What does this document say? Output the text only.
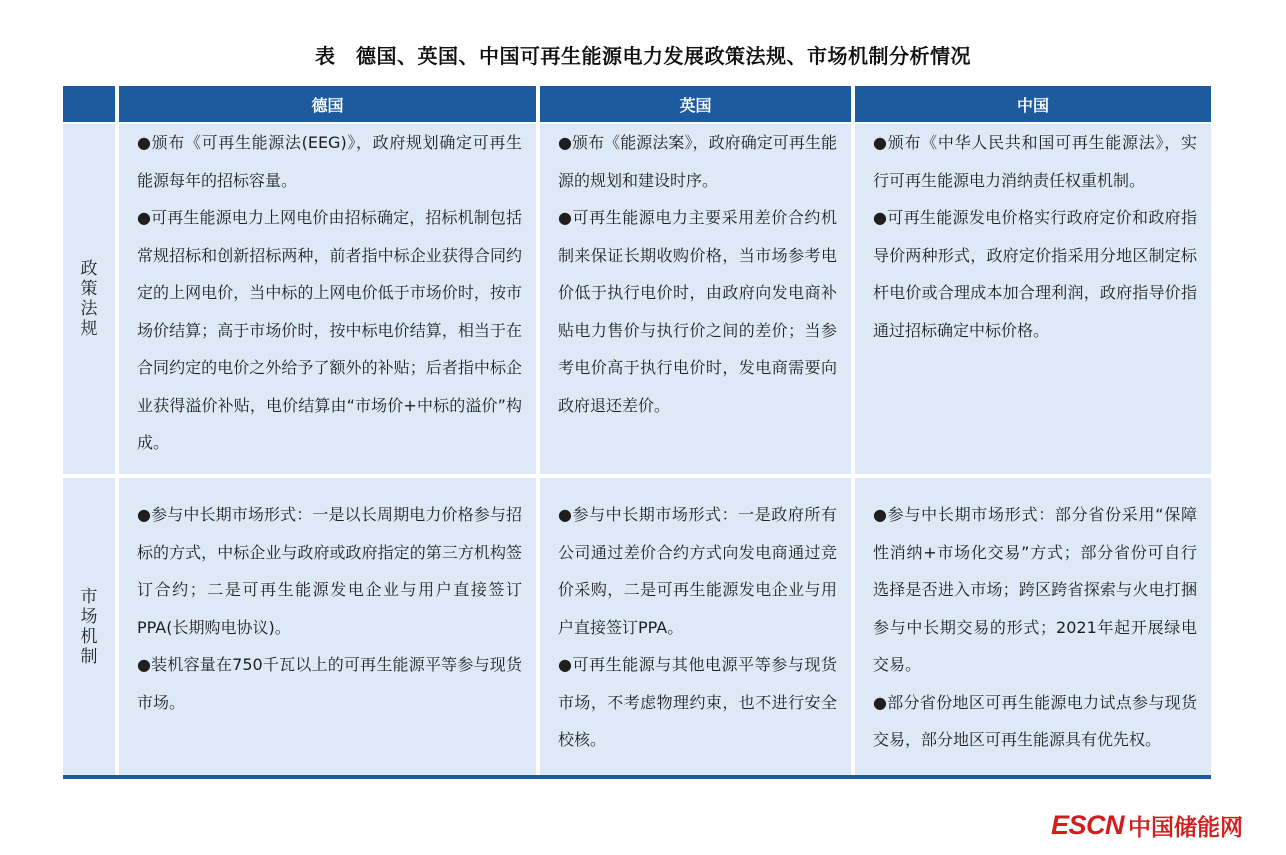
表　德国、英国、中国可再生能源电力发展政策法规、市场机制分析情况
德国	英国	中国
政策法规

●颁布《可再生能源法(EEG)》，政府规划确定可再生能源每年的招标容量。

●可再生能源电力上网电价由招标确定，招标机制包括常规招标和创新招标两种，前者指中标企业获得合同约定的上网电价，当中标的上网电价低于市场价时，按市场价结算；高于市场价时，按中标电价结算，相当于在合同约定的电价之外给予了额外的补贴；后者指中标企业获得溢价补贴，电价结算由“市场价+中标的溢价”构成。

●颁布《能源法案》，政府确定可再生能源的规划和建设时序。

●可再生能源电力主要采用差价合约机制来保证长期收购价格，当市场参考电价低于执行电价时，由政府向发电商补贴电力售价与执行价之间的差价；当参考电价高于执行电价时，发电商需要向政府退还差价。

●颁布《中华人民共和国可再生能源法》，实行可再生能源电力消纳责任权重机制。

●可再生能源发电价格实行政府定价和政府指导价两种形式，政府定价指采用分地区制定标杆电价或合理成本加合理利润，政府指导价指通过招标确定中标价格。

市场机制

●参与中长期市场形式：一是以长周期电力价格参与招标的方式，中标企业与政府或政府指定的第三方机构签订合约；二是可再生能源发电企业与用户直接签订PPA(长期购电协议)。

●装机容量在750千瓦以上的可再生能源平等参与现货市场。

●参与中长期市场形式：一是政府所有公司通过差价合约方式向发电商通过竞价采购，二是可再生能源发电企业与用户直接签订PPA。

●可再生能源与其他电源平等参与现货市场，不考虑物理约束，也不进行安全校核。

●参与中长期市场形式：部分省份采用“保障性消纳+市场化交易”方式；部分省份可自行选择是否进入市场；跨区跨省探索与火电打捆参与中长期交易的形式；2021年起开展绿电交易。

●部分省份地区可再生能源电力试点参与现货交易，部分地区可再生能源具有优先权。

ESCN 中国储能网
